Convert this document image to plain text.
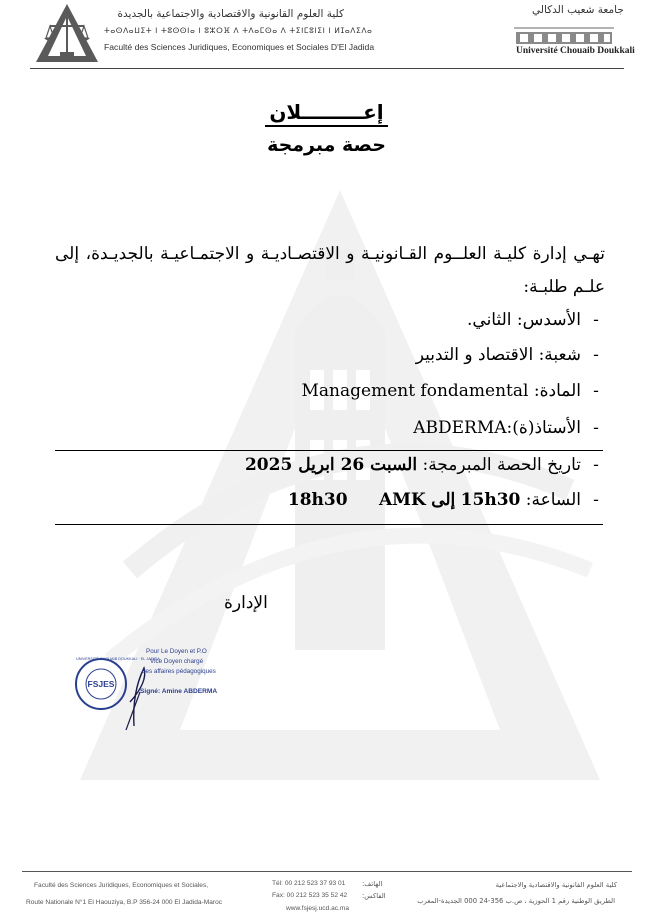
كلية العلوم القانونية والاقتصادية والاجتماعية بالجديدة
ⵜⴰⵙⴷⴰⵡⵉⵜ ⵏ ⵜⵓⵙⵙⵏⴰ ⵏ ⵓⵣⵔⴼ ⴷ ⵜⴷⴰⵎⵙⴰ ⴷ ⵜⵉⵏⵎⵓⵏⵉⵏ ⵏ ⵍⵊⴰⴷⵉⴷⴰ
Faculté des Sciences Juridiques, Economiques et Sociales D'El Jadida
جامعة شعيب الدكالي
Université Chouaib Doukkali
إعـــــــــلان
حصة مبرمجة
تهـي إدارة كليـة العلــوم القـانونيـة و الاقتصـاديـة و الاجتمـاعيـة بالجديـدة، إلى علـم طلبـة:
-الأسدس: الثاني.
-شعبة: الاقتصاد و التدبير
-المادة: Management fondamental
-الأستاذ(ة):ABDERMA
-تاريخ الحصة المبرمجة: السبت 26 ابريل 2025
-الساعة: 15h30 إلى 18h30 AMK
الإدارة
FSJES
UNIVERSITÉ CHOUAIB DOUKKALI · EL JADIDA
Pour Le Doyen et P.O
Vice Doyen chargé
des affaires pédagogiques
Signé: Amine ABDERMA
Faculté des Sciences Juridiques, Economiques et Sociales,
Route Nationale N°1 El Haouziya, B.P 356-24 000 El Jadida-Maroc
Tél: 00 212 523 37 93 01 الهاتف:
Fax: 00 212 523 35 52 42 الفاكس:
www.fsjesj.ucd.ac.ma
كلية العلوم القانونية والاقتصادية والاجتماعية
الطريق الوطنية رقم 1 الحوزية ، ص.ب 356-24 000 الجديدة-المغرب
